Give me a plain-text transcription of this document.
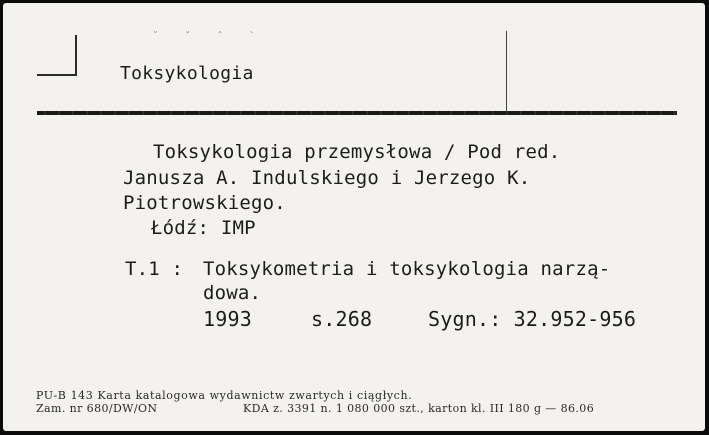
˘ ˇ ˆ ˋ
Toksykologia
Toksykologia przemysłowa / Pod red.
Janusza A. Indulskiego i Jerzego K.
Piotrowskiego.
Łódź: IMP
T.1 : Toksykometria i toksykologia narzą-
dowa.
1993	s.268	Sygn.: 32.952-956
PU-B 143 Karta katalogowa wydawnictw zwartych i ciągłych.
Zam. nr 680/DW/ON	KDA z. 3391 n. 1 080 000 szt., karton kl. III 180 g — 86.06
